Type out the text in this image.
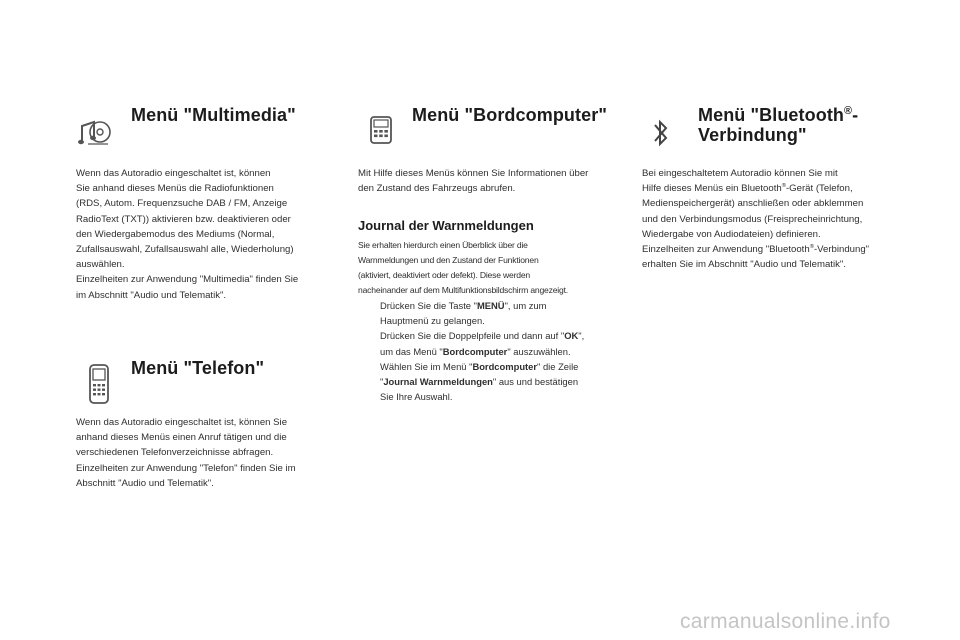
Menü "Multimedia"

Wenn das Autoradio eingeschaltet ist, können

Sie anhand dieses Menüs die Radiofunktionen

(RDS, Autom. Frequenzsuche DAB / FM, Anzeige

RadioText (TXT)) aktivieren bzw. deaktivieren oder

den Wiedergabemodus des Mediums (Normal,

Zufallsauswahl, Zufallsauswahl alle, Wiederholung)

auswählen.

Einzelheiten zur Anwendung "Multimedia" finden Sie

im Abschnitt "Audio und Telematik".

Menü "Telefon"

Wenn das Autoradio eingeschaltet ist, können Sie

anhand dieses Menüs einen Anruf tätigen und die

verschiedenen Telefonverzeichnisse abfragen.

Einzelheiten zur Anwendung "Telefon" finden Sie im

Abschnitt "Audio und Telematik".

Menü "Bordcomputer"

Mit Hilfe dieses Menüs können Sie Informationen über

den Zustand des Fahrzeugs abrufen.

Journal der Warnmeldungen

Sie erhalten hierdurch einen Überblick über die

Warnmeldungen und den Zustand der Funktionen

(aktiviert, deaktiviert oder defekt). Diese werden

nacheinander auf dem Multifunktionsbildschirm angezeigt.

Drücken Sie die Taste "MENÜ", um zum
Hauptmenü zu gelangen.
Drücken Sie die Doppelpfeile und dann auf "OK",
um das Menü "Bordcomputer" auszuwählen.
Wählen Sie im Menü "Bordcomputer" die Zeile
"Journal Warnmeldungen" aus und bestätigen
Sie Ihre Auswahl.
Menü "Bluetooth®-
Verbindung"

Bei eingeschaltetem Autoradio können Sie mit

Hilfe dieses Menüs ein Bluetooth®-Gerät (Telefon,

Medienspeichergerät) anschließen oder abklemmen

und den Verbindungsmodus (Freisprecheinrichtung,

Wiedergabe von Audiodateien) definieren.

Einzelheiten zur Anwendung "Bluetooth®-Verbindung"

erhalten Sie im Abschnitt "Audio und Telematik".

carmanualsonline.info
